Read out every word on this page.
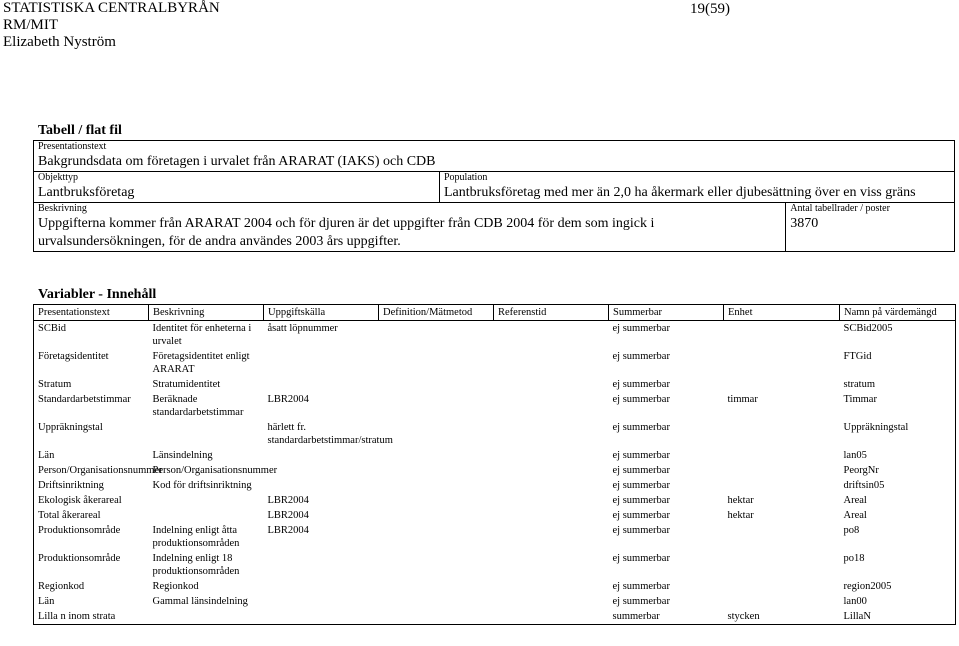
STATISTISKA CENTRALBYRÅN
RM/MIT
Elizabeth Nyström
19(59)
Tabell / flat fil
Presentationstext
Bakgrundsdata om företagen i urvalet från ARARAT (IAKS) och CDB		

Objekttyp
Lantbruksföretag	Population
Lantbruksföretag med mer än 2,0 ha åkermark eller djubesättning över en viss gräns	

Beskrivning
Uppgifterna kommer från ARARAT 2004 och för djuren är det uppgifter från CDB 2004 för dem som ingick i urvalsundersökningen, för de andra användes 2003 års uppgifter.		Antal tabellrader / poster
3870
Variabler - Innehåll
Presentationstext	Beskrivning	Uppgiftskälla	Definition/Mätmetod	Referenstid	Summerbar	Enhet	Namn på värdemängd
SCBid	Identitet för enheterna i urvalet	åsatt löpnummer			ej summerbar		SCBid2005
Företagsidentitet	Företagsidentitet enligt ARARAT				ej summerbar		FTGid
Stratum	Stratumidentitet				ej summerbar		stratum
Standardarbetstimmar	Beräknade standardarbetstimmar	LBR2004			ej summerbar	timmar	Timmar
Uppräkningstal		härlett fr. standardarbetstimmar/stratum			ej summerbar		Uppräkningstal
Län	Länsindelning				ej summerbar		lan05
Person/Organisationsnummer	Person/Organisationsnummer				ej summerbar		PeorgNr
Driftsinriktning	Kod för driftsinriktning				ej summerbar		driftsin05
Ekologisk åkerareal		LBR2004			ej summerbar	hektar	Areal
Total åkerareal		LBR2004			ej summerbar	hektar	Areal
Produktionsområde	Indelning enligt åtta produktionsområden	LBR2004			ej summerbar		po8
Produktionsområde	Indelning enligt 18 produktionsområden				ej summerbar		po18
Regionkod	Regionkod				ej summerbar		region2005
Län	Gammal länsindelning				ej summerbar		lan00
Lilla n inom strata					summerbar	stycken	LillaN
